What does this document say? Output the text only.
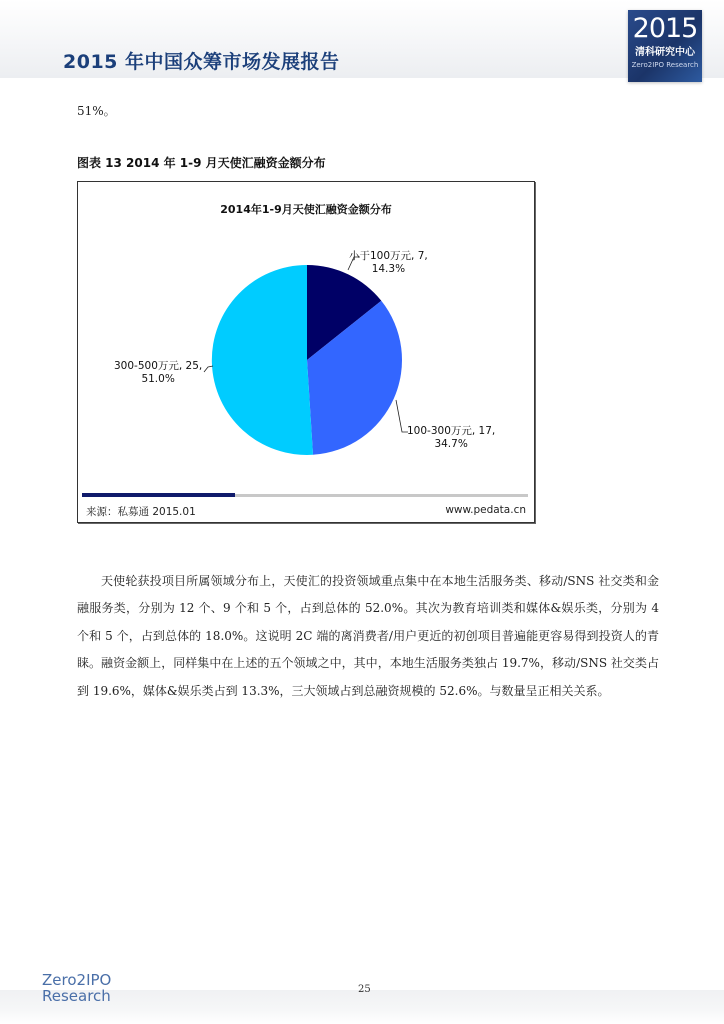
2015 年中国众筹市场发展报告
2015
清科研究中心
Zero2IPO Research
51%。
图表 13 2014 年 1-9 月天使汇融资金额分布
2014年1-9月天使汇融资金额分布
小于100万元, 7,
14.3%
100-300万元, 17,
34.7%
300-500万元, 25,
51.0%
来源：私募通 2015.01	www.pedata.cn
天使轮获投项目所属领域分布上，天使汇的投资领域重点集中在本地生活服务类、移动/SNS 社交类和金融服务类，分别为 12 个、9 个和 5 个，占到总体的 52.0%。其次为教育培训类和媒体&娱乐类，分别为 4 个和 5 个，占到总体的 18.0%。这说明 2C 端的离消费者/用户更近的初创项目普遍能更容易得到投资人的青睐。融资金额上，同样集中在上述的五个领域之中，其中，本地生活服务类独占 19.7%，移动/SNS 社交类占到 19.6%，媒体&娱乐类占到 13.3%，三大领域占到总融资规模的 52.6%。与数量呈正相关关系。
Zero2IPO
Research	25
